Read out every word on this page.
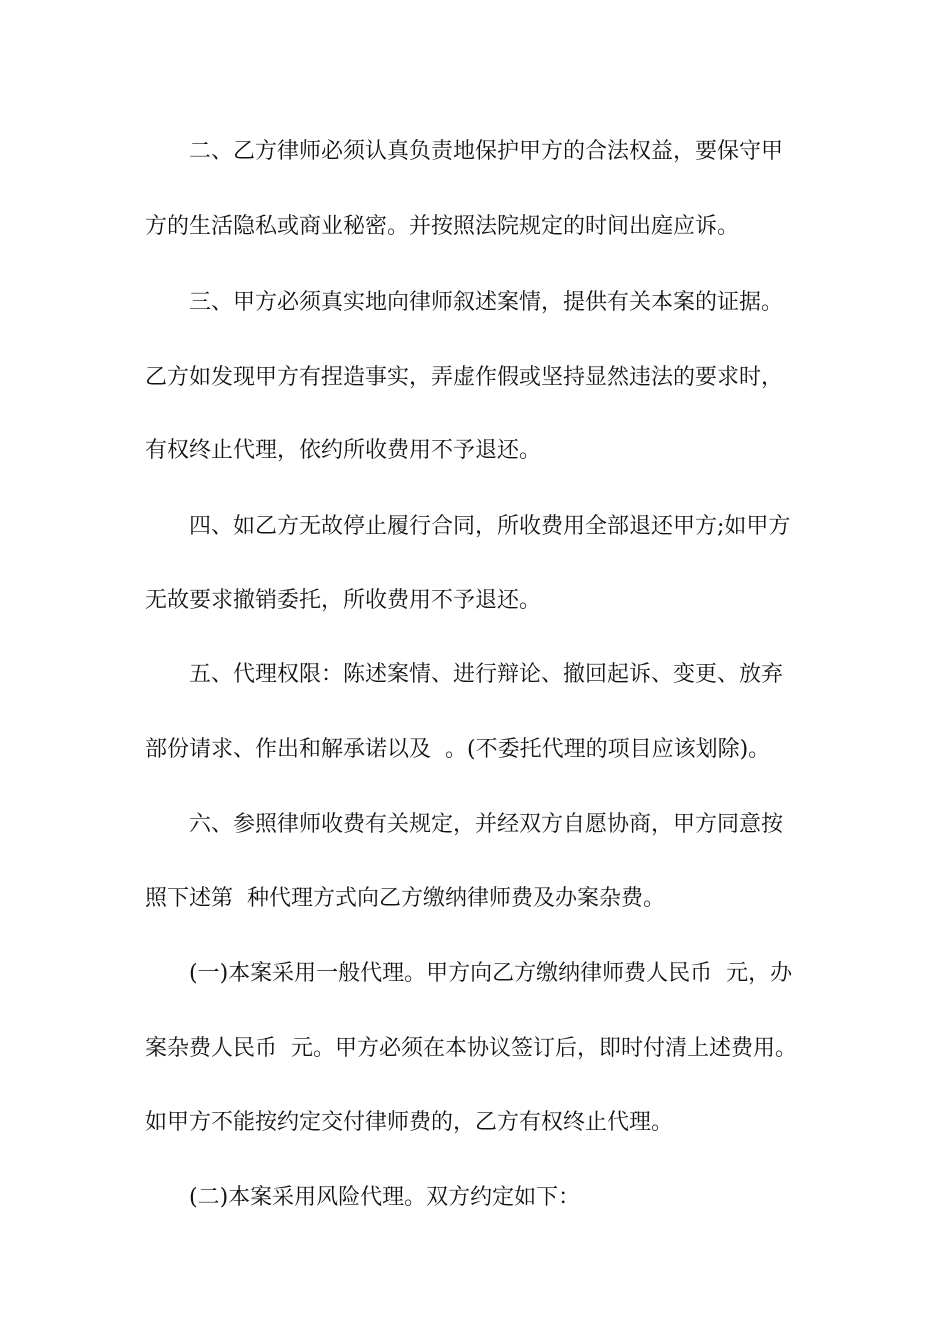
二、乙方律师必须认真负责地保护甲方的合法权益，要保守甲

方的生活隐私或商业秘密。并按照法院规定的时间出庭应诉。

三、甲方必须真实地向律师叙述案情，提供有关本案的证据。

乙方如发现甲方有捏造事实，弄虚作假或坚持显然违法的要求时，

有权终止代理，依约所收费用不予退还。

四、如乙方无故停止履行合同，所收费用全部退还甲方;如甲方

无故要求撤销委托，所收费用不予退还。

五、代理权限：陈述案情、进行辩论、撤回起诉、变更、放弃

部份请求、作出和解承诺以及  。(不委托代理的项目应该划除)。

六、参照律师收费有关规定，并经双方自愿协商，甲方同意按

照下述第  种代理方式向乙方缴纳律师费及办案杂费。

(一)本案采用一般代理。甲方向乙方缴纳律师费人民币  元，办

案杂费人民币  元。甲方必须在本协议签订后，即时付清上述费用。

如甲方不能按约定交付律师费的，乙方有权终止代理。

(二)本案采用风险代理。双方约定如下：
